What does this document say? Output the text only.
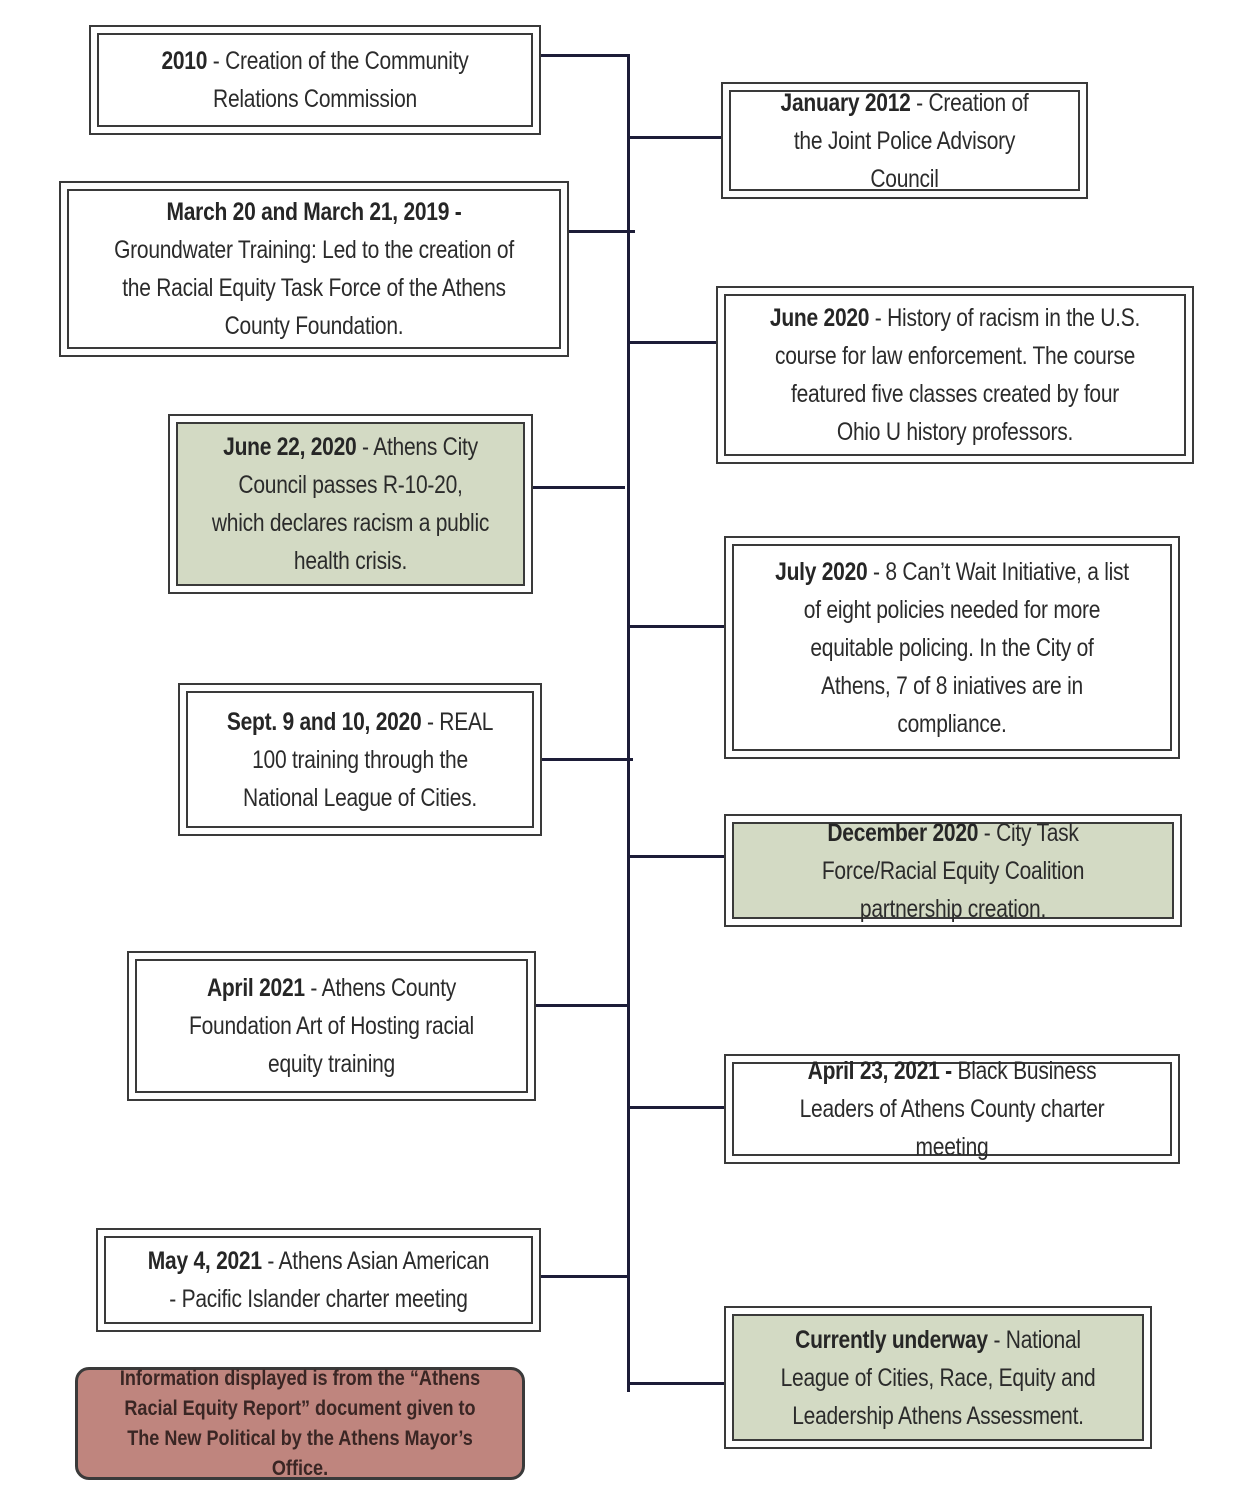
2010 - Creation of the Community Relations Commission	January 2012 - Creation of the Joint Police Advisory Council
March 20 and March 21, 2019 - Groundwater Training: Led to the creation of the Racial Equity Task Force of the Athens County Foundation.	June 2020 - History of racism in the U.S. course for law enforcement. The course featured five classes created by four Ohio U history professors.
June 22, 2020 - Athens City Council passes R-10-20, which declares racism a public health crisis.	July 2020 - 8 Can’t Wait Initiative, a list of eight policies needed for more equitable policing. In the City of Athens, 7 of 8 iniatives are in compliance.
Sept. 9 and 10, 2020 - REAL 100 training through the National League of Cities.
December 2020 - City Task Force/Racial Equity Coalition partnership creation.
April 2021 - Athens County Foundation Art of Hosting racial equity training	April 23, 2021 - Black Business Leaders of Athens County charter meeting
May 4, 2021 - Athens Asian American - Pacific Islander charter meeting
Currently underway - National League of Cities, Race, Equity and Leadership Athens Assessment.
Information displayed is from the “Athens Racial Equity Report” document given to The New Political by the Athens Mayor’s Office.
